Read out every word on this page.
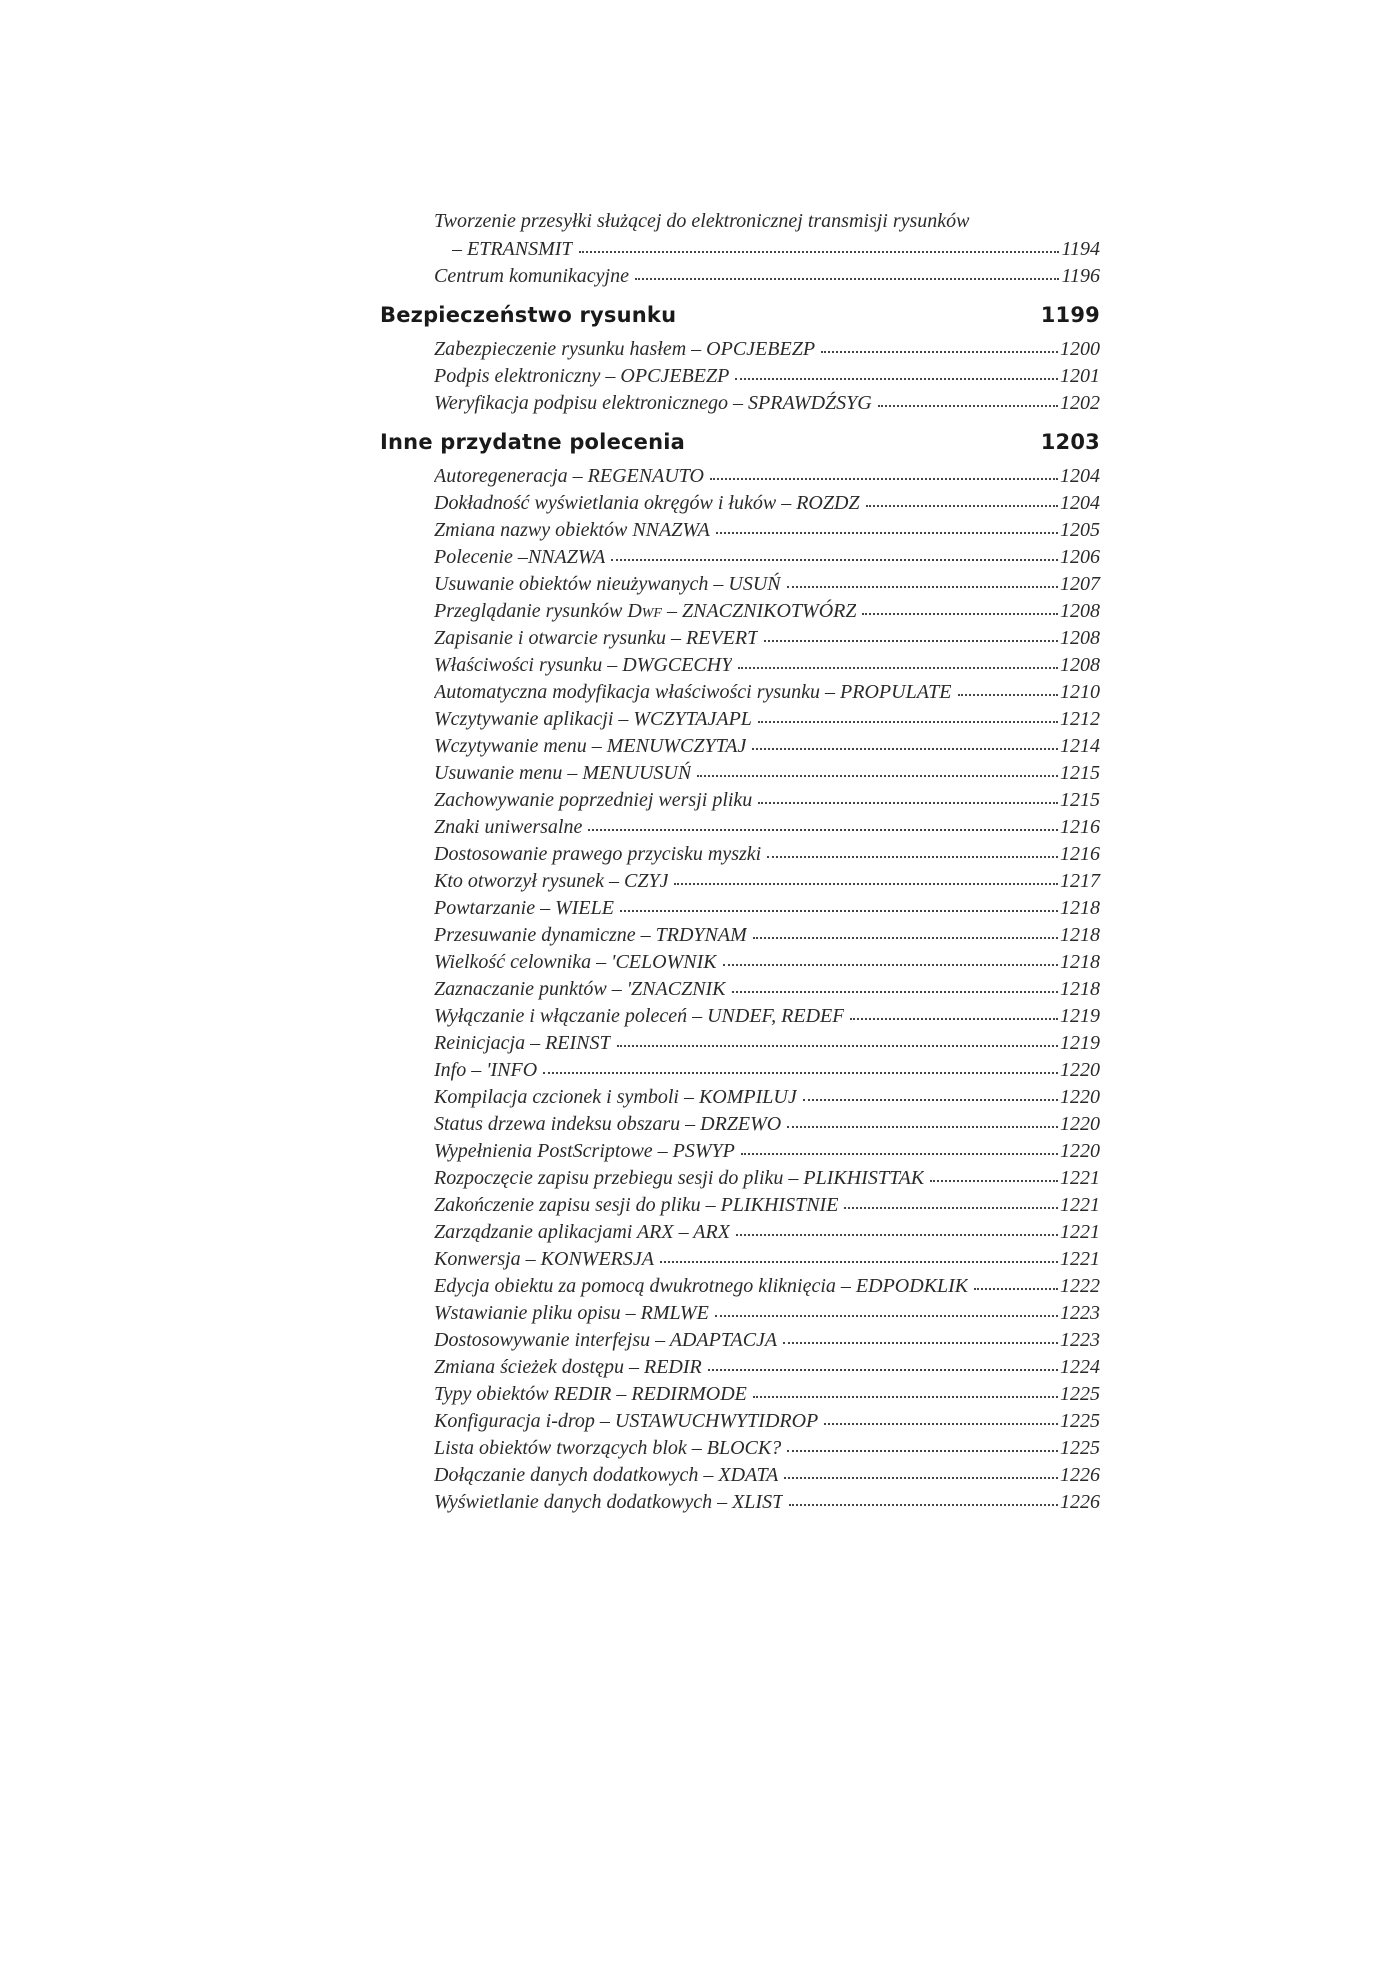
Tworzenie przesyłki służącej do elektronicznej transmisji rysunków
– ETRANSMIT	1194
Centrum komunikacyjne	1196
Bezpieczeństwo rysunku	1199
Zabezpieczenie rysunku hasłem – OPCJEBEZP	1200
Podpis elektroniczny – OPCJEBEZP	1201
Weryfikacja podpisu elektronicznego – SPRAWDŹSYG	1202
Inne przydatne polecenia	1203
Autoregeneracja – REGENAUTO	1204
Dokładność wyświetlania okręgów i łuków – ROZDZ	1204
Zmiana nazwy obiektów NNAZWA	1205
Polecenie –NNAZWA	1206
Usuwanie obiektów nieużywanych – USUŃ	1207
Przeglądanie rysunków Dwf – ZNACZNIKOTWÓRZ	1208
Zapisanie i otwarcie rysunku – REVERT	1208
Właściwości rysunku – DWGCECHY	1208
Automatyczna modyfikacja właściwości rysunku – PROPULATE	1210
Wczytywanie aplikacji – WCZYTAJAPL	1212
Wczytywanie menu – MENUWCZYTAJ	1214
Usuwanie menu – MENUUSUŃ	1215
Zachowywanie poprzedniej wersji pliku	1215
Znaki uniwersalne	1216
Dostosowanie prawego przycisku myszki	1216
Kto otworzył rysunek – CZYJ	1217
Powtarzanie – WIELE	1218
Przesuwanie dynamiczne – TRDYNAM	1218
Wielkość celownika – 'CELOWNIK	1218
Zaznaczanie punktów – 'ZNACZNIK	1218
Wyłączanie i włączanie poleceń – UNDEF, REDEF	1219
Reinicjacja – REINST	1219
Info – 'INFO	1220
Kompilacja czcionek i symboli – KOMPILUJ	1220
Status drzewa indeksu obszaru – DRZEWO	1220
Wypełnienia PostScriptowe – PSWYP	1220
Rozpoczęcie zapisu przebiegu sesji do pliku – PLIKHISTTAK	1221
Zakończenie zapisu sesji do pliku – PLIKHISTNIE	1221
Zarządzanie aplikacjami ARX – ARX	1221
Konwersja – KONWERSJA	1221
Edycja obiektu za pomocą dwukrotnego kliknięcia – EDPODKLIK	1222
Wstawianie pliku opisu – RMLWE	1223
Dostosowywanie interfejsu – ADAPTACJA	1223
Zmiana ścieżek dostępu – REDIR	1224
Typy obiektów REDIR – REDIRMODE	1225
Konfiguracja i-drop – USTAWUCHWYTIDROP	1225
Lista obiektów tworzących blok – BLOCK?	1225
Dołączanie danych dodatkowych – XDATA	1226
Wyświetlanie danych dodatkowych – XLIST	1226
